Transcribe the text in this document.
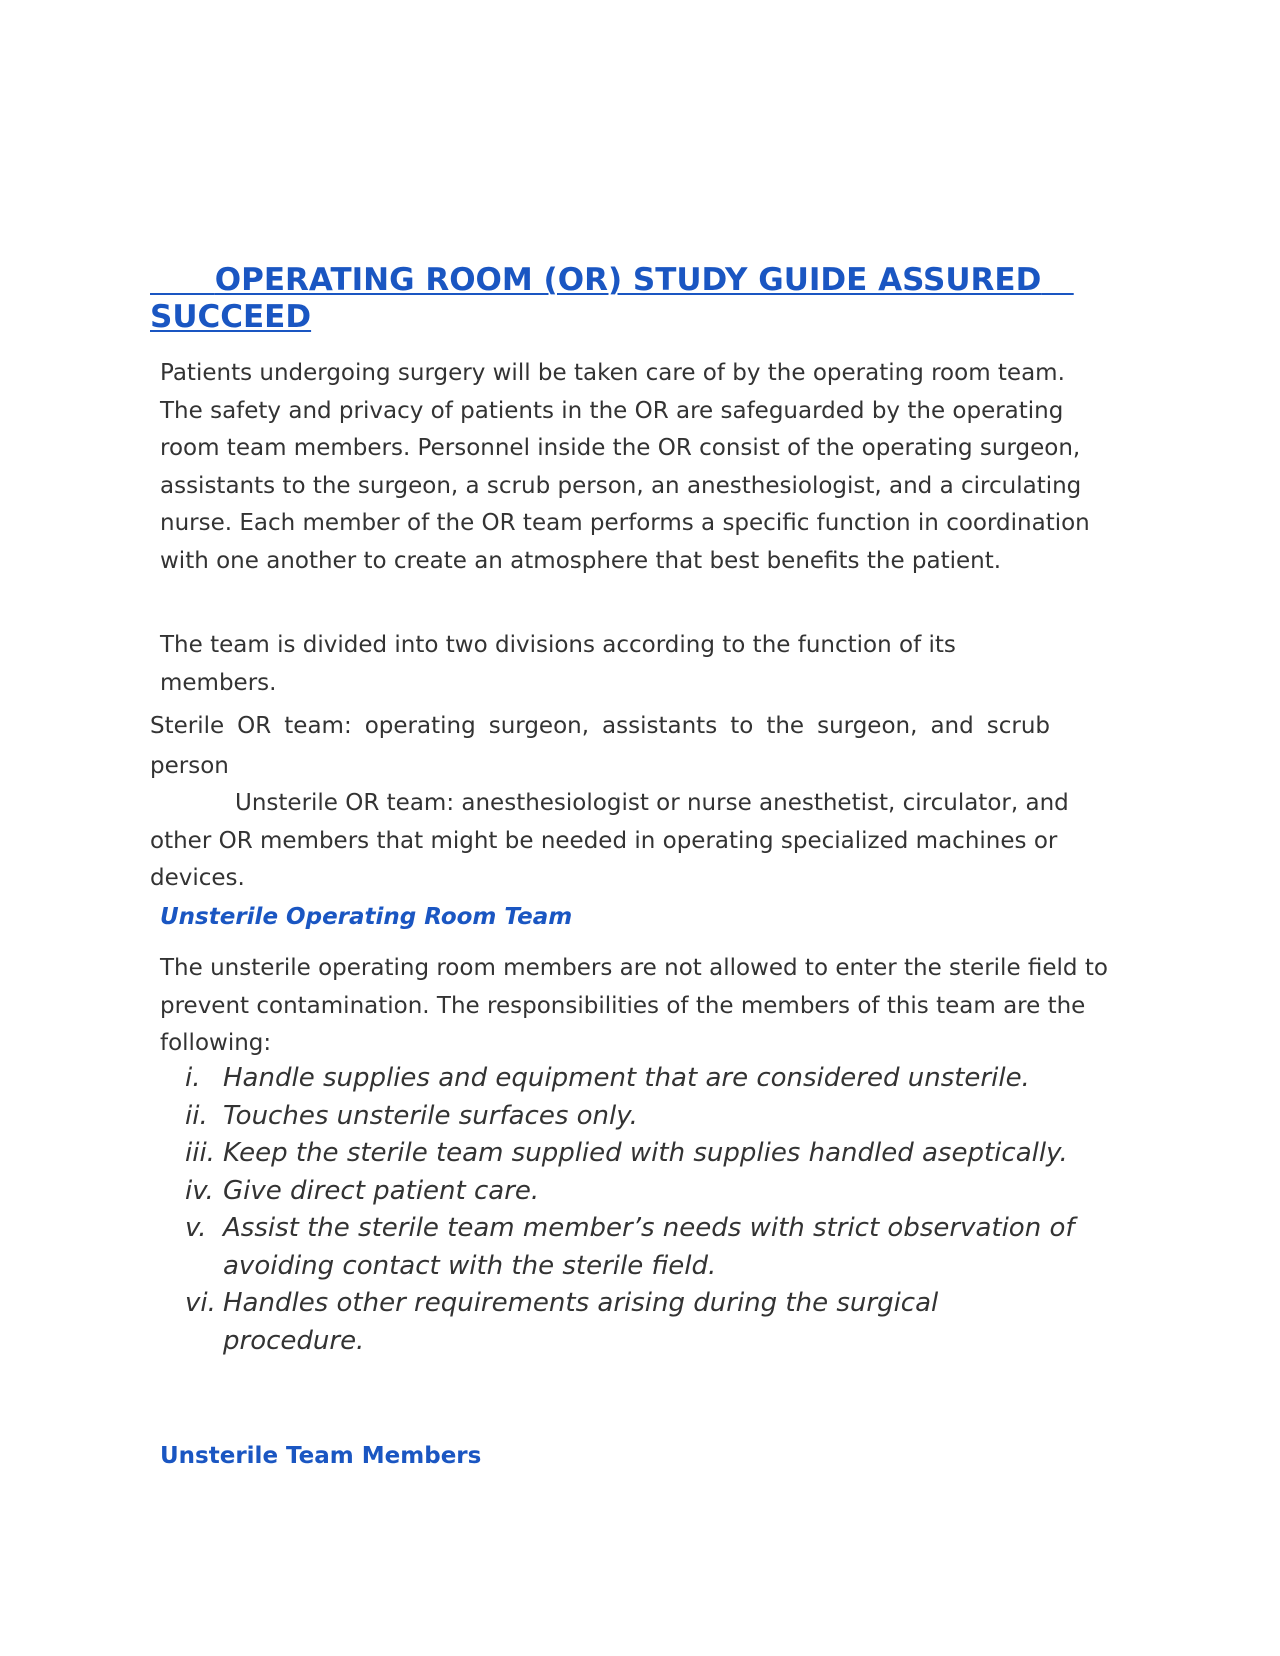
OPERATING ROOM (OR) STUDY GUIDE ASSURED   SUCCEED

Patients undergoing surgery will be taken care of by the operating room team. The safety and privacy of patients in the OR are safeguarded by the operating room team members. Personnel inside the OR consist of the operating surgeon, assistants to the surgeon, a scrub person, an anesthesiologist, and a circulating nurse. Each member of the OR team performs a specific function in coordination with one another to create an atmosphere that best benefits the patient.

The team is divided into two divisions according to the function of its members.

Sterile OR team: operating surgeon, assistants to the surgeon, and scrub person

Unsterile OR team: anesthesiologist or nurse anesthetist, circulator, and other OR members that might be needed in operating specialized machines or devices.

Unsterile Operating Room Team

The unsterile operating room members are not allowed to enter the sterile field to prevent contamination. The responsibilities of the members of this team are the following:

i. Handle supplies and equipment that are considered unsterile.
ii. Touches unsterile surfaces only.
iii. Keep the sterile team supplied with supplies handled aseptically.
iv. Give direct patient care.
v. Assist the sterile team member’s needs with strict observation of avoiding contact with the sterile field.
vi. Handles other requirements arising during the surgical procedure.
Unsterile Team Members
